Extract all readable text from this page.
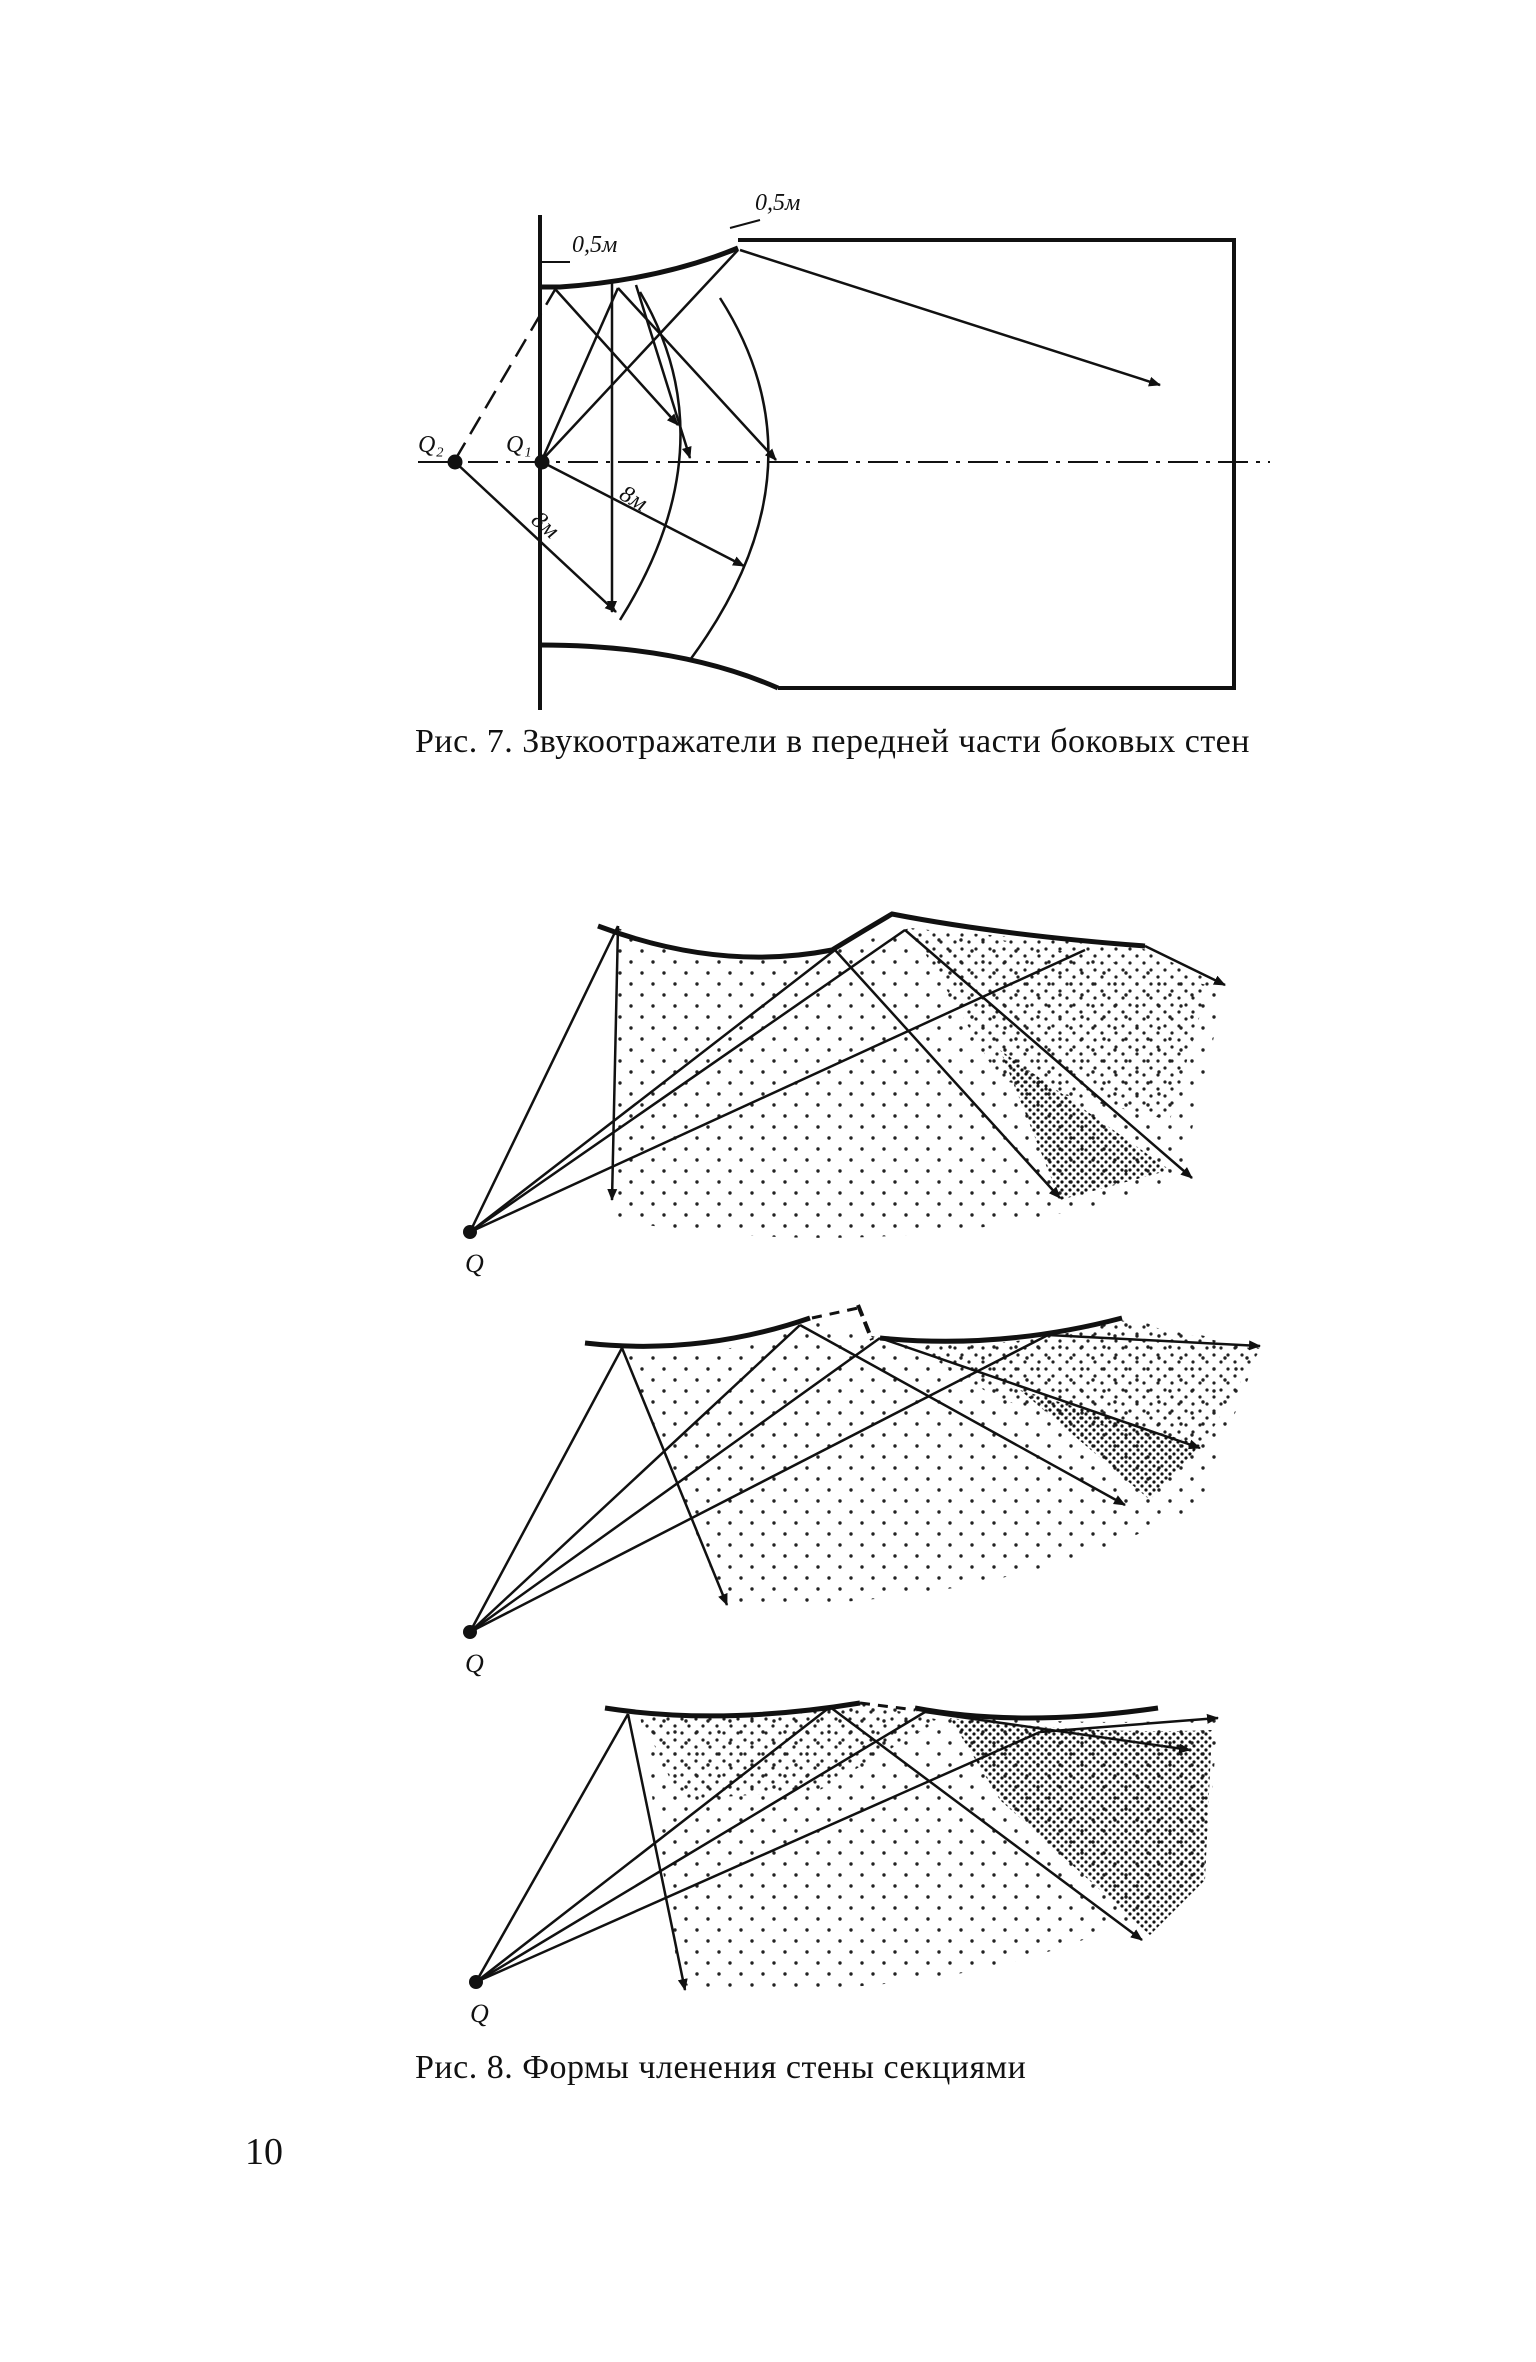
Q₂	Q₁
0,5м
0,5м
8м
8м
Q
Q
Q
Рис. 7. Звукоотражатели в передней части боковых стен
Рис. 8. Формы членения стены секциями
10
